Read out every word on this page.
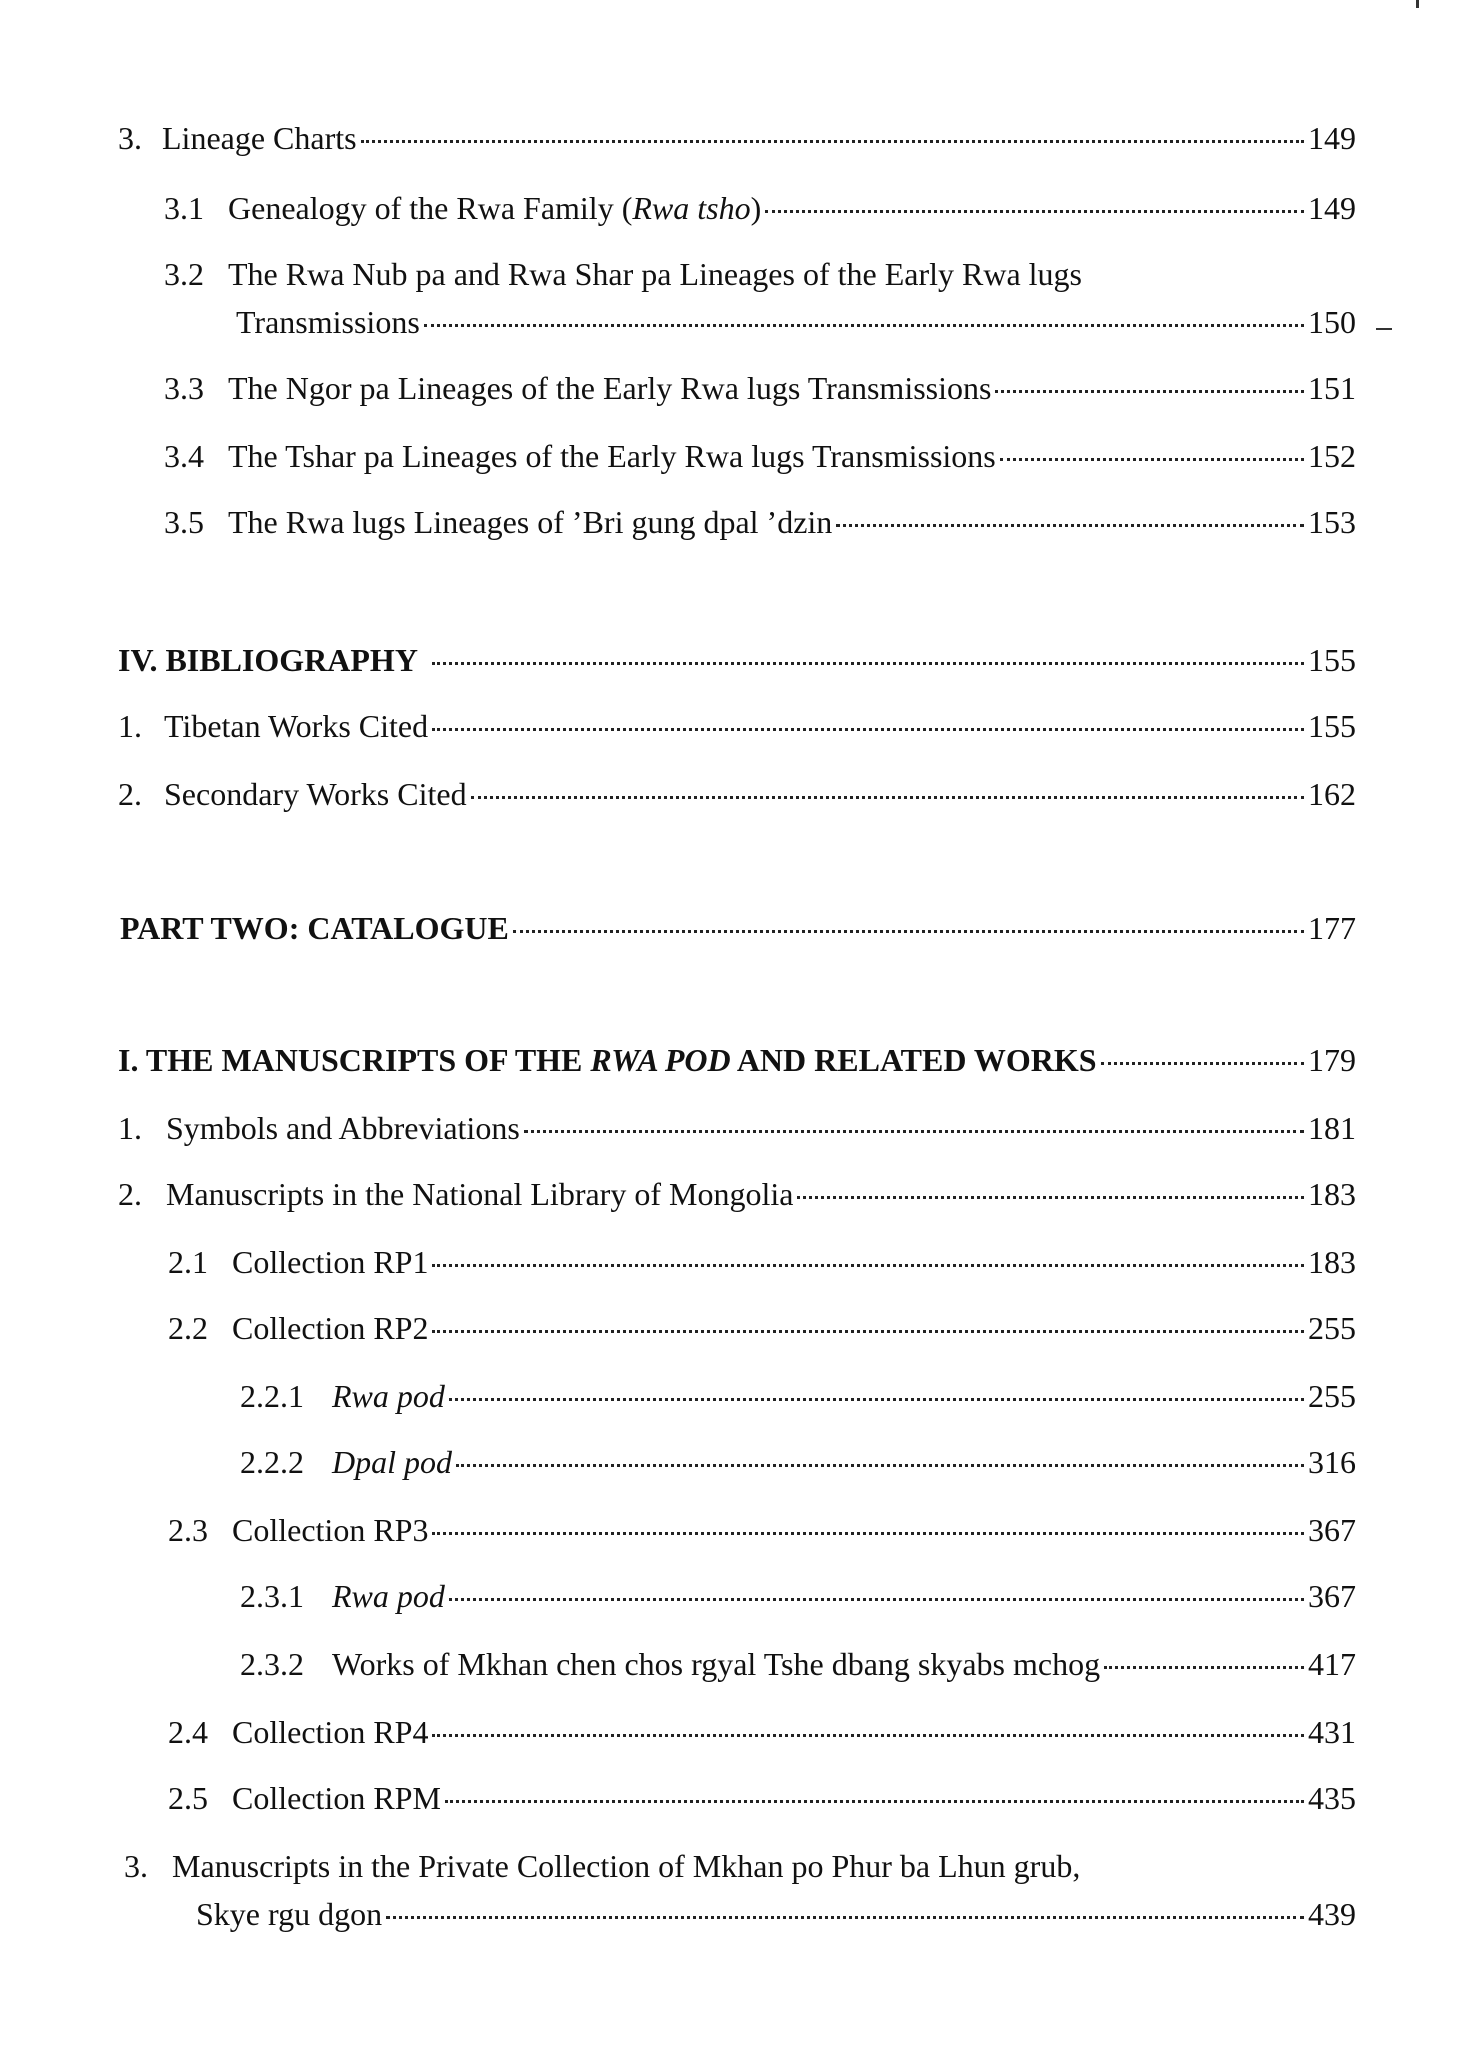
3. Lineage Charts	149
3.1 Genealogy of the Rwa Family (Rwa tsho)	149
3.2 The Rwa Nub pa and Rwa Shar pa Lineages of the Early Rwa lugs
Transmissions	150
3.3 The Ngor pa Lineages of the Early Rwa lugs Transmissions	151
3.4 The Tshar pa Lineages of the Early Rwa lugs Transmissions	152
3.5 The Rwa lugs Lineages of ’Bri gung dpal ’dzin	153
IV. BIBLIOGRAPHY	155
1. Tibetan Works Cited	155
2. Secondary Works Cited	162
PART TWO: CATALOGUE	177
I. THE MANUSCRIPTS OF THE RWA POD AND RELATED WORKS	179
1. Symbols and Abbreviations	181
2. Manuscripts in the National Library of Mongolia	183
2.1 Collection RP1	183
2.2 Collection RP2	255
2.2.1 Rwa pod	255
2.2.2 Dpal pod	316
2.3 Collection RP3	367
2.3.1 Rwa pod	367
2.3.2 Works of Mkhan chen chos rgyal Tshe dbang skyabs mchog	417
2.4 Collection RP4	431
2.5 Collection RPM	435
3. Manuscripts in the Private Collection of Mkhan po Phur ba Lhun grub,
Skye rgu dgon	439
